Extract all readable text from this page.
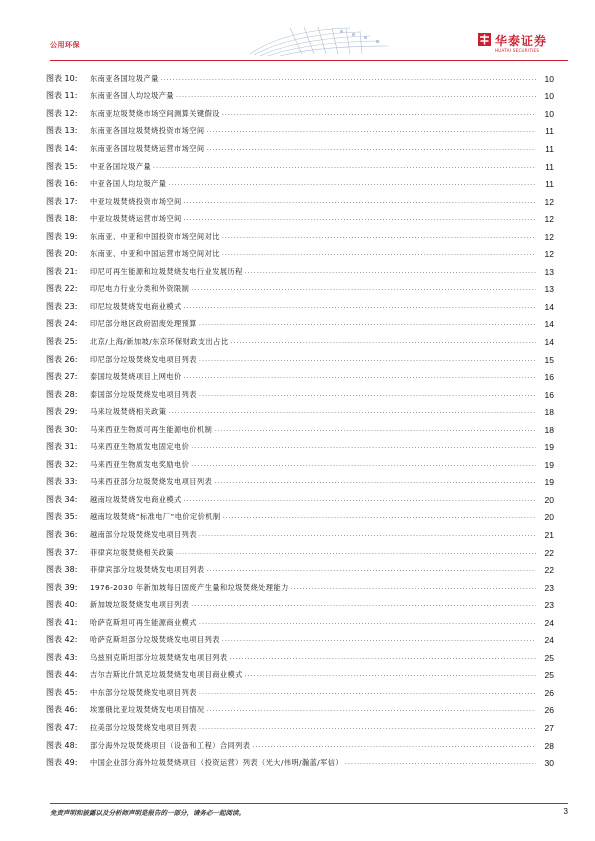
公用环保	华泰证券
HUATAI SECURITIES
图表 10:	东南亚各国垃圾产量 . . .	10
图表 11:	东南亚各国人均垃圾产量 . . .	10
图表 12:	东南亚垃圾焚烧市场空间测算关键假设 . . .	10
图表 13:	东南亚各国垃圾焚烧投资市场空间 . . .	11
图表 14:	东南亚各国垃圾焚烧运营市场空间 . . .	11
图表 15:	中亚各国垃圾产量 . . .	11
图表 16:	中亚各国人均垃圾产量 . . .	11
图表 17:	中亚垃圾焚烧投资市场空间 . . .	12
图表 18:	中亚垃圾焚烧运营市场空间 . . .	12
图表 19:	东南亚、中亚和中国投资市场空间对比 . . .	12
图表 20:	东南亚、中亚和中国运营市场空间对比 . . .	12
图表 21:	印尼可再生能源和垃圾焚烧发电行业发展历程 . . .	13
图表 22:	印尼电力行业分类和外资限制 . . .	13
图表 23:	印尼垃圾焚烧发电商业模式 . . .	14
图表 24:	印尼部分地区政府固废处理预算 . . .	14
图表 25:	北京/上海/新加坡/东京环保财政支出占比 . . .	14
图表 26:	印尼部分垃圾焚烧发电项目列表 . . .	15
图表 27:	泰国垃圾焚烧项目上网电价 . . .	16
图表 28:	泰国部分垃圾焚烧发电项目列表 . . .	16
图表 29:	马来垃圾焚烧相关政策 . . .	18
图表 30:	马来西亚生物质可再生能源电价机制 . . .	18
图表 31:	马来西亚生物质发电固定电价 . . .	19
图表 32:	马来西亚生物质发电奖励电价 . . .	19
图表 33:	马来西亚部分垃圾焚烧发电项目列表 . . .	19
图表 34:	越南垃圾焚烧发电商业模式 . . .	20
图表 35:	越南垃圾焚烧“标准电厂”电价定价机制 . . .	20
图表 36:	越南部分垃圾焚烧发电项目列表 . . .	21
图表 37:	菲律宾垃圾焚烧相关政策 . . .	22
图表 38:	菲律宾部分垃圾焚烧发电项目列表 . . .	22
图表 39:	1976-2030 年新加坡每日固废产生量和垃圾焚烧处理能力 . . .	23
图表 40:	新加坡垃圾焚烧发电项目列表 . . .	23
图表 41:	哈萨克斯坦可再生能源商业模式 . . .	24
图表 42:	哈萨克斯坦部分垃圾焚烧发电项目列表 . . .	24
图表 43:	乌兹别克斯坦部分垃圾焚烧发电项目列表 . . .	25
图表 44:	吉尔吉斯比什凯克垃圾焚烧发电项目商业模式 . . .	25
图表 45:	中东部分垃圾焚烧发电项目列表 . . .	26
图表 46:	埃塞俄比亚垃圾焚烧发电项目情况 . . .	26
图表 47:	拉美部分垃圾焚烧发电项目列表 . . .	27
图表 48:	部分海外垃圾焚烧项目（设备和工程）合同列表 . . .	28
图表 49:	中国企业部分海外垃圾焚烧项目（投资运营）列表（光大/伟明/瀚蓝/军信） . . .	30
免责声明和披露以及分析师声明是报告的一部分，请务必一起阅读。	3
